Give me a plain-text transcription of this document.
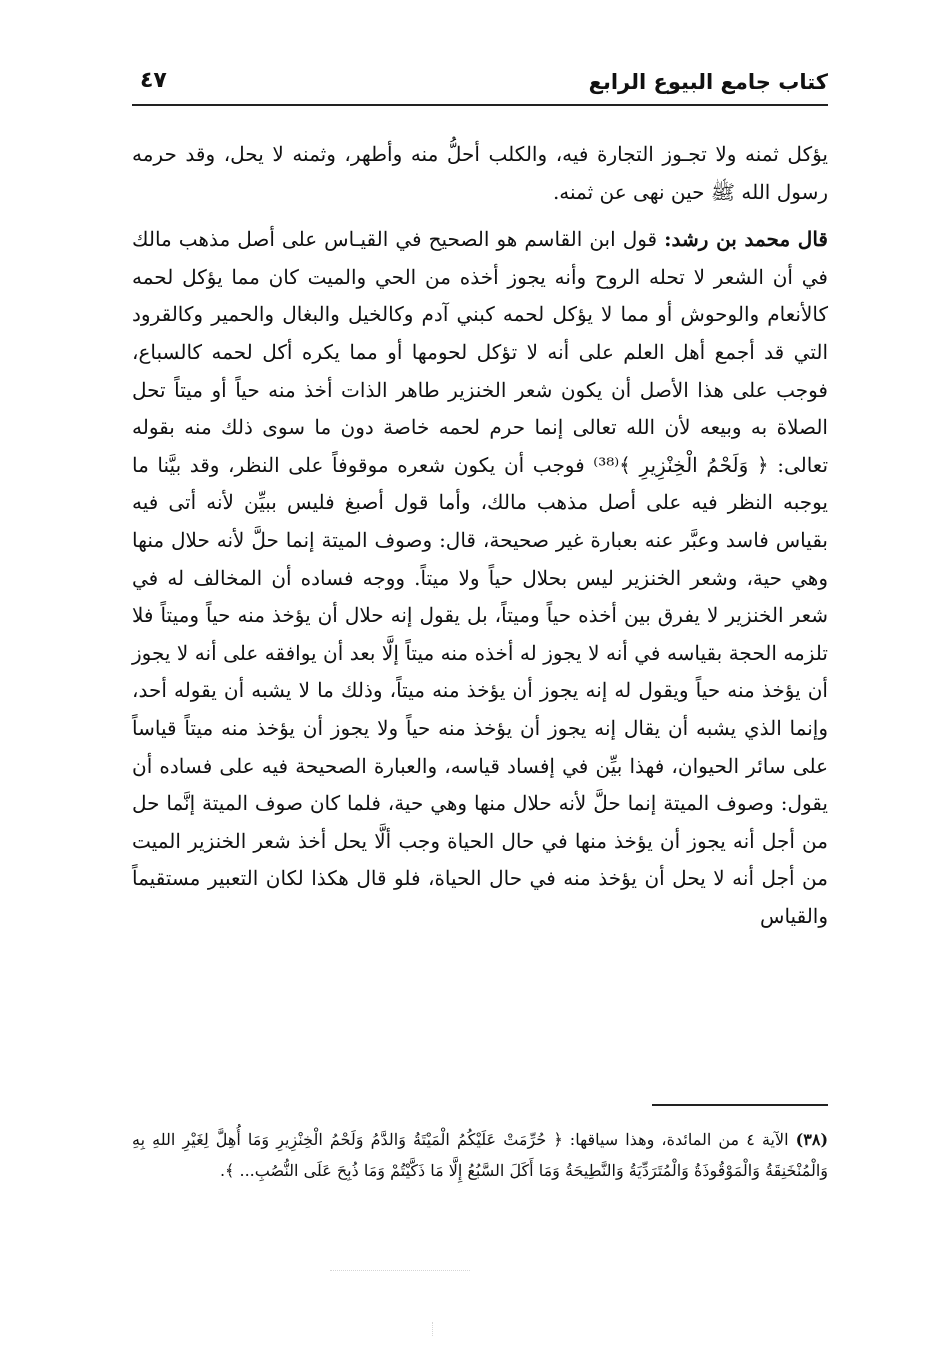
كتاب جامع البيوع الرابع
٤٧

يؤكل ثمنه ولا تجـوز التجارة فيه، والكلب أحلُّ منه وأطهر، وثمنه لا يحل، وقد حرمه رسول الله ﷺ حين نهى عن ثمنه.

قال محمد بن رشد: قول ابن القاسم هو الصحيح في القيـاس على أصل مذهب مالك في أن الشعر لا تحله الروح وأنه يجوز أخذه من الحي والميت كان مما يؤكل لحمه كالأنعام والوحوش أو مما لا يؤكل لحمه كبني آدم وكالخيل والبغال والحمير وكالقرود التي قد أجمع أهل العلم على أنه لا تؤكل لحومها أو مما يكره أكل لحمه كالسباع، فوجب على هذا الأصل أن يكون شعر الخنزير طاهر الذات أخذ منه حياً أو ميتاً تحل الصلاة به وبيعه لأن الله تعالى إنما حرم لحمه خاصة دون ما سوى ذلك منه بقوله تعالى: ﴿ وَلَحْمُ الْخِنْزِيرِ ﴾⁽³⁸⁾ فوجب أن يكون شعره موقوفاً على النظر، وقد بيَّنا ما يوجبه النظر فيه على أصل مذهب مالك، وأما قول أصبغ فليس ببيِّن لأنه أتى فيه بقياس فاسد وعبَّر عنه بعبارة غير صحيحة، قال: وصوف الميتة إنما حلَّ لأنه حلال منها وهي حية، وشعر الخنزير ليس بحلال حياً ولا ميتاً. ووجه فساده أن المخالف له في شعر الخنزير لا يفرق بين أخذه حياً وميتاً، بل يقول إنه حلال أن يؤخذ منه حياً وميتاً فلا تلزمه الحجة بقياسه في أنه لا يجوز له أخذه منه ميتاً إلَّا بعد أن يوافقه على أنه لا يجوز أن يؤخذ منه حياً ويقول له إنه يجوز أن يؤخذ منه ميتاً، وذلك ما لا يشبه أن يقوله أحد، وإنما الذي يشبه أن يقال إنه يجوز أن يؤخذ منه حياً ولا يجوز أن يؤخذ منه ميتاً قياساً على سائر الحيوان، فهذا بيِّن في إفساد قياسه، والعبارة الصحيحة فيه على فساده أن يقول: وصوف الميتة إنما حلَّ لأنه حلال منها وهي حية، فلما كان صوف الميتة إنَّما حل من أجل أنه يجوز أن يؤخذ منها في حال الحياة وجب ألَّا يحل أخذ شعر الخنزير الميت من أجل أنه لا يحل أن يؤخذ منه في حال الحياة، فلو قال هكذا لكان التعبير مستقيماً والقياس

(٣٨) الآية ٤ من المائدة، وهذا سياقها: ﴿ حُرِّمَتْ عَلَيْكُمُ الْمَيْتَةُ وَالدَّمُ وَلَحْمُ الْخِنْزِيرِ وَمَا أُهِلَّ لِغَيْرِ اللهِ بِهِ وَالْمُنْخَنِقَةُ وَالْمَوْقُوذَةُ وَالْمُتَرَدِّيَةُ وَالنَّطِيحَةُ وَمَا أَكَلَ السَّبُعُ إِلَّا مَا ذَكَّيْتُمْ وَمَا ذُبِحَ عَلَى النُّصُبِ... ﴾.
